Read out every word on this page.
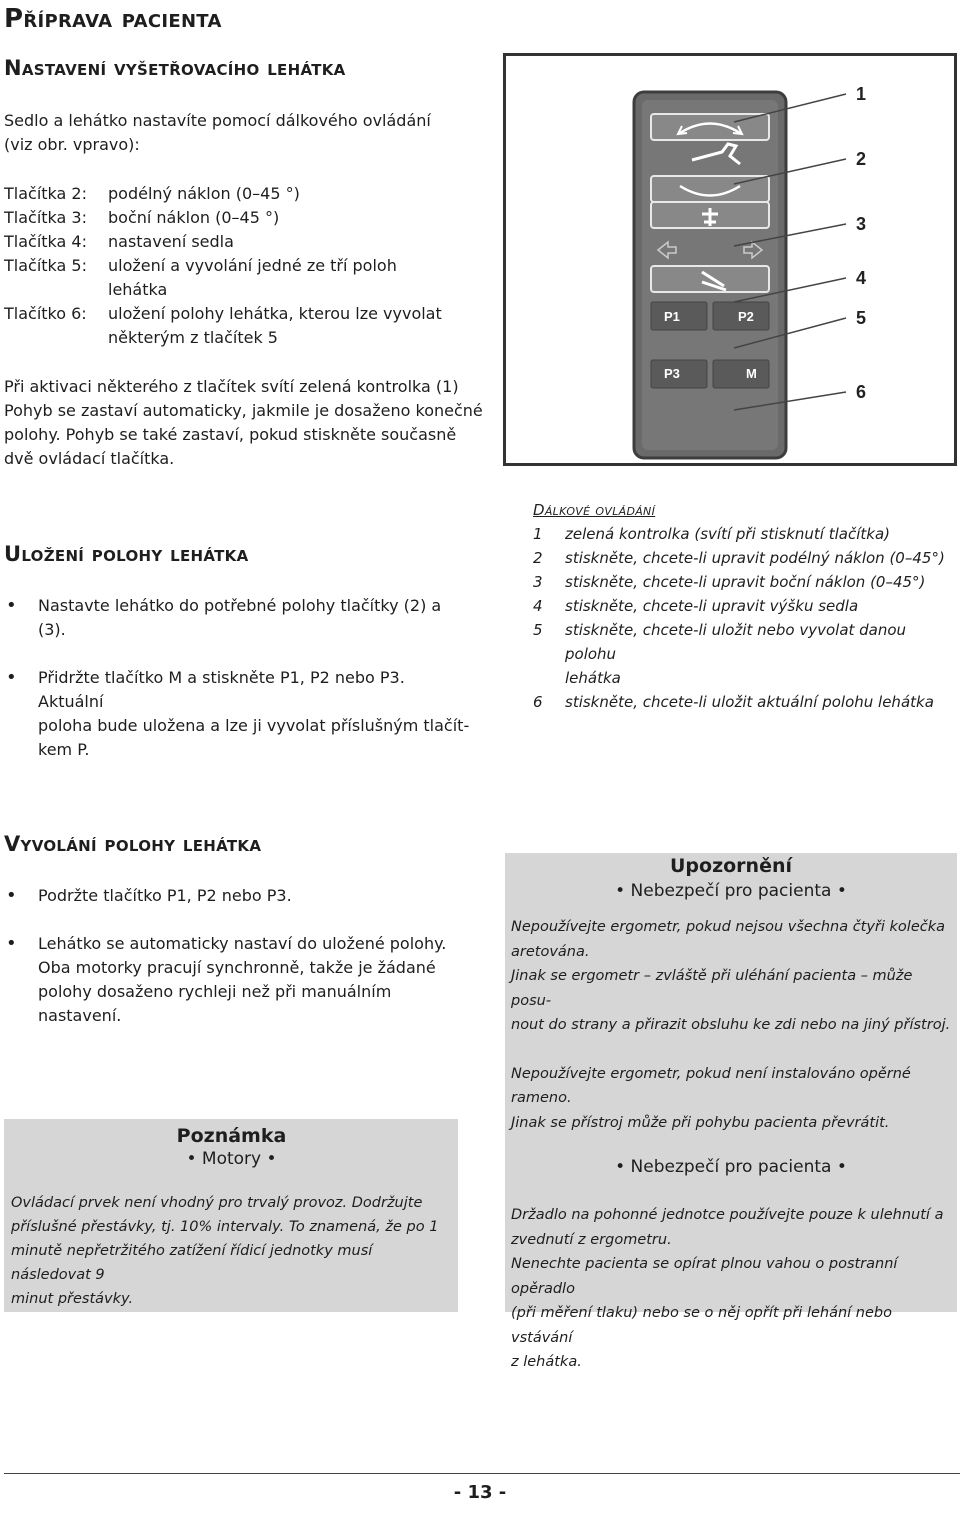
Příprava pacienta
Nastavení vyšetřovacího lehátka
Sedlo a lehátko nastavíte pomocí dálkového ovládání
(viz obr. vpravo):
Tlačítka 2:	podélný náklon (0–45 °)
Tlačítka 3:	boční náklon (0–45 °)
Tlačítka 4:	nastavení sedla
Tlačítka 5:	uložení a vyvolání jedné ze tří poloh
lehátka
Tlačítko 6:	uložení polohy lehátka, kterou lze vyvolat
některým z tlačítek 5
Při aktivaci některého z tlačítek svítí zelená kontrolka (1)
Pohyb se zastaví automaticky, jakmile je dosaženo konečné
polohy. Pohyb se také zastaví, pokud stiskněte současně
dvě ovládací tlačítka.
P1	P2
P3	M
1
2
3
4
5
6
Dálkové ovládání
1	zelená kontrolka (svítí při stisknutí tlačítka)
2	stiskněte, chcete-li upravit podélný náklon (0–45°)
3	stiskněte, chcete-li upravit boční náklon (0–45°)
4	stiskněte, chcete-li upravit výšku sedla
5	stiskněte, chcete-li uložit nebo vyvolat danou polohu
lehátka
6	stiskněte, chcete-li uložit aktuální polohu lehátka
Uložení polohy lehátka
• Nastavte lehátko do potřebné polohy tlačítky (2) a (3).
• Přidržte tlačítko M a stiskněte P1, P2 nebo P3. Aktuální
poloha bude uložena a lze ji vyvolat příslušným tlačít-
kem P.
Vyvolání polohy lehátka
• Podržte tlačítko P1, P2 nebo P3.
• Lehátko se automaticky nastaví do uložené polohy.
Oba motorky pracují synchronně, takže je žádané
polohy dosaženo rychleji než při manuálním nastavení.
Poznámka
• Motory •
Ovládací prvek není vhodný pro trvalý provoz. Dodržujte
příslušné přestávky, tj. 10% intervaly. To znamená, že po 1
minutě nepřetržitého zatížení řídicí jednotky musí následovat 9
minut přestávky.
Upozornění
• Nebezpečí pro pacienta •
Nepoužívejte ergometr, pokud nejsou všechna čtyři kolečka
aretována.
Jinak se ergometr – zvláště při uléhání pacienta – může posu-
nout do strany a přirazit obsluhu ke zdi nebo na jiný přístroj.
Nepoužívejte ergometr, pokud není instalováno opěrné rameno.
Jinak se přístroj může při pohybu pacienta převrátit.
• Nebezpečí pro pacienta •
Držadlo na pohonné jednotce používejte pouze k ulehnutí a
zvednutí z ergometru.
Nenechte pacienta se opírat plnou vahou o postranní opěradlo
(při měření tlaku) nebo se o něj opřít při lehání nebo vstávání
z lehátka.
- 13 -
